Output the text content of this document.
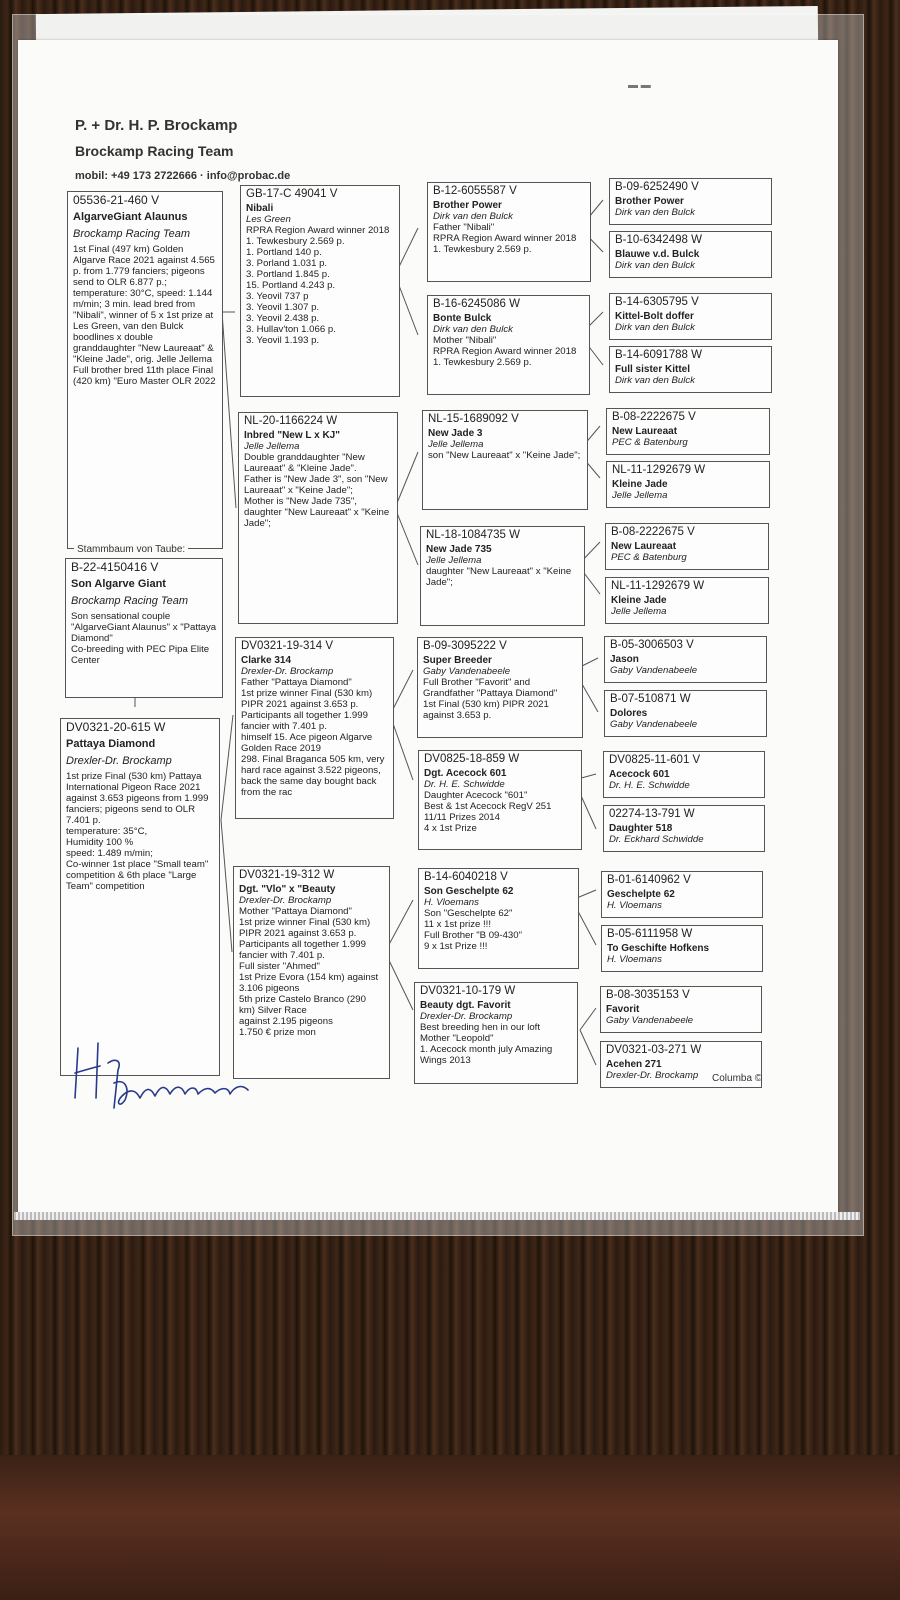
▬ ▬
P. + Dr. H. P. Brockamp
Brockamp Racing Team
mobil: +49 173 2722666 · info@probac.de
05536-21-460 V
AlgarveGiant Alaunus
Brockamp Racing Team
1st Final (497 km) Golden Algarve Race 2021 against 4.565 p. from 1.779 fanciers; pigeons send to OLR 6.877 p.; temperature: 30°C, speed: 1.144 m/min; 3 min. lead bred from "Nibali", winner of 5 x 1st prize at Les Green, van den Bulck boodlines x double granddaughter "New Laureaat" & "Kleine Jade", orig. Jelle Jellema
Full brother bred 11th place Final (420 km) "Euro Master OLR 2022
Stammbaum von Taube:
B-22-4150416 V
Son Algarve Giant
Brockamp Racing Team
Son sensational couple "AlgarveGiant Alaunus" x "Pattaya Diamond"
Co-breeding with PEC Pipa Elite Center
DV0321-20-615 W
Pattaya Diamond
Drexler-Dr. Brockamp
1st prize Final (530 km) Pattaya International Pigeon Race 2021
against 3.653 pigeons from 1.999 fanciers; pigeons send to OLR 7.401 p.
temperature: 35°C,
Humidity 100 %
speed: 1.489 m/min;
Co-winner 1st place "Small team" competition & 6th place "Large Team" competition
GB-17-C 49041 V
Nibali
Les Green
RPRA Region Award winner 2018
1. Tewkesbury 2.569 p.
1. Portland 140 p.
3. Porland 1.031 p.
3. Portland 1.845 p.
15. Portland 4.243 p.
3. Yeovil 737 p
3. Yeovil 1.307 p.
3. Yeovil 2.438 p.
3. Hullav'ton 1.066 p.
3. Yeovil 1.193 p.
NL-20-1166224 W
Inbred "New L x KJ"
Jelle Jellema
Double granddaughter "New Laureaat" & "Kleine Jade".
Father is "New Jade 3", son "New Laureaat" x "Keine Jade";
Mother is "New Jade 735", daughter "New Laureaat" x "Keine Jade";
DV0321-19-314 V
Clarke 314
Drexler-Dr. Brockamp
Father "Pattaya Diamond"
1st prize winner Final (530 km) PIPR 2021 against 3.653 p.
Participants all together 1.999 fancier with 7.401 p.
himself 15. Ace pigeon Algarve Golden Race 2019
298. Final Braganca 505 km, very hard race against 3.522 pigeons, back the same day bought back from the rac
DV0321-19-312 W
Dgt. "Vlo" x "Beauty
Drexler-Dr. Brockamp
Mother "Pattaya Diamond"
1st prize winner Final (530 km) PIPR 2021 against 3.653 p.
Participants all together 1.999 fancier with 7.401 p.
Full sister "Ahmed"
1st Prize Evora (154 km) against 3.106 pigeons
5th prize Castelo Branco (290 km) Silver Race
against 2.195 pigeons
1.750 € prize mon
B-12-6055587 V
Brother Power
Dirk van den Bulck
Father "Nibali"
RPRA Region Award winner 2018
1. Tewkesbury 2.569 p.
B-16-6245086 W
Bonte Bulck
Dirk van den Bulck
Mother "Nibali"
RPRA Region Award winner 2018
1. Tewkesbury 2.569 p.
NL-15-1689092 V
New Jade 3
Jelle Jellema
son "New Laureaat" x "Keine Jade";
NL-18-1084735 W
New Jade 735
Jelle Jellema
daughter "New Laureaat" x "Keine Jade";
B-09-3095222 V
Super Breeder
Gaby Vandenabeele
Full Brother "Favorit" and Grandfather "Pattaya Diamond"
1st Final (530 km) PIPR 2021 against 3.653 p.
DV0825-18-859 W
Dgt. Acecock 601
Dr. H. E. Schwidde
Daughter Acecock "601"
Best & 1st Acecock RegV 251
11/11 Prizes 2014
4 x 1st Prize
B-14-6040218 V
Son Geschelpte 62
H. Vloemans
Son "Geschelpte 62"
11 x 1st prize !!!
Full Brother "B 09-430"
9 x 1st Prize !!!
DV0321-10-179 W
Beauty dgt. Favorit
Drexler-Dr. Brockamp
Best breeding hen in our loft
Mother "Leopold"
1. Acecock month july Amazing Wings 2013
B-09-6252490 V
Brother Power
Dirk van den Bulck
B-10-6342498 W
Blauwe v.d. Bulck
Dirk van den Bulck
B-14-6305795 V
Kittel-Bolt doffer
Dirk van den Bulck
B-14-6091788 W
Full sister Kittel
Dirk van den Bulck
B-08-2222675 V
New Laureaat
PEC & Batenburg
NL-11-1292679 W
Kleine Jade
Jelle Jellema
B-08-2222675 V
New Laureaat
PEC & Batenburg
NL-11-1292679 W
Kleine Jade
Jelle Jellema
B-05-3006503 V
Jason
Gaby Vandenabeele
B-07-510871 W
Dolores
Gaby Vandenabeele
DV0825-11-601 V
Acecock 601
Dr. H. E. Schwidde
02274-13-791 W
Daughter 518
Dr. Eckhard Schwidde
B-01-6140962 V
Geschelpte 62
H. Vloemans
B-05-6111958 W
To Geschifte Hofkens
H. Vloemans
B-08-3035153 V
Favorit
Gaby Vandenabeele
DV0321-03-271 W
Acehen 271
Drexler-Dr. Brockamp	Columba ©
